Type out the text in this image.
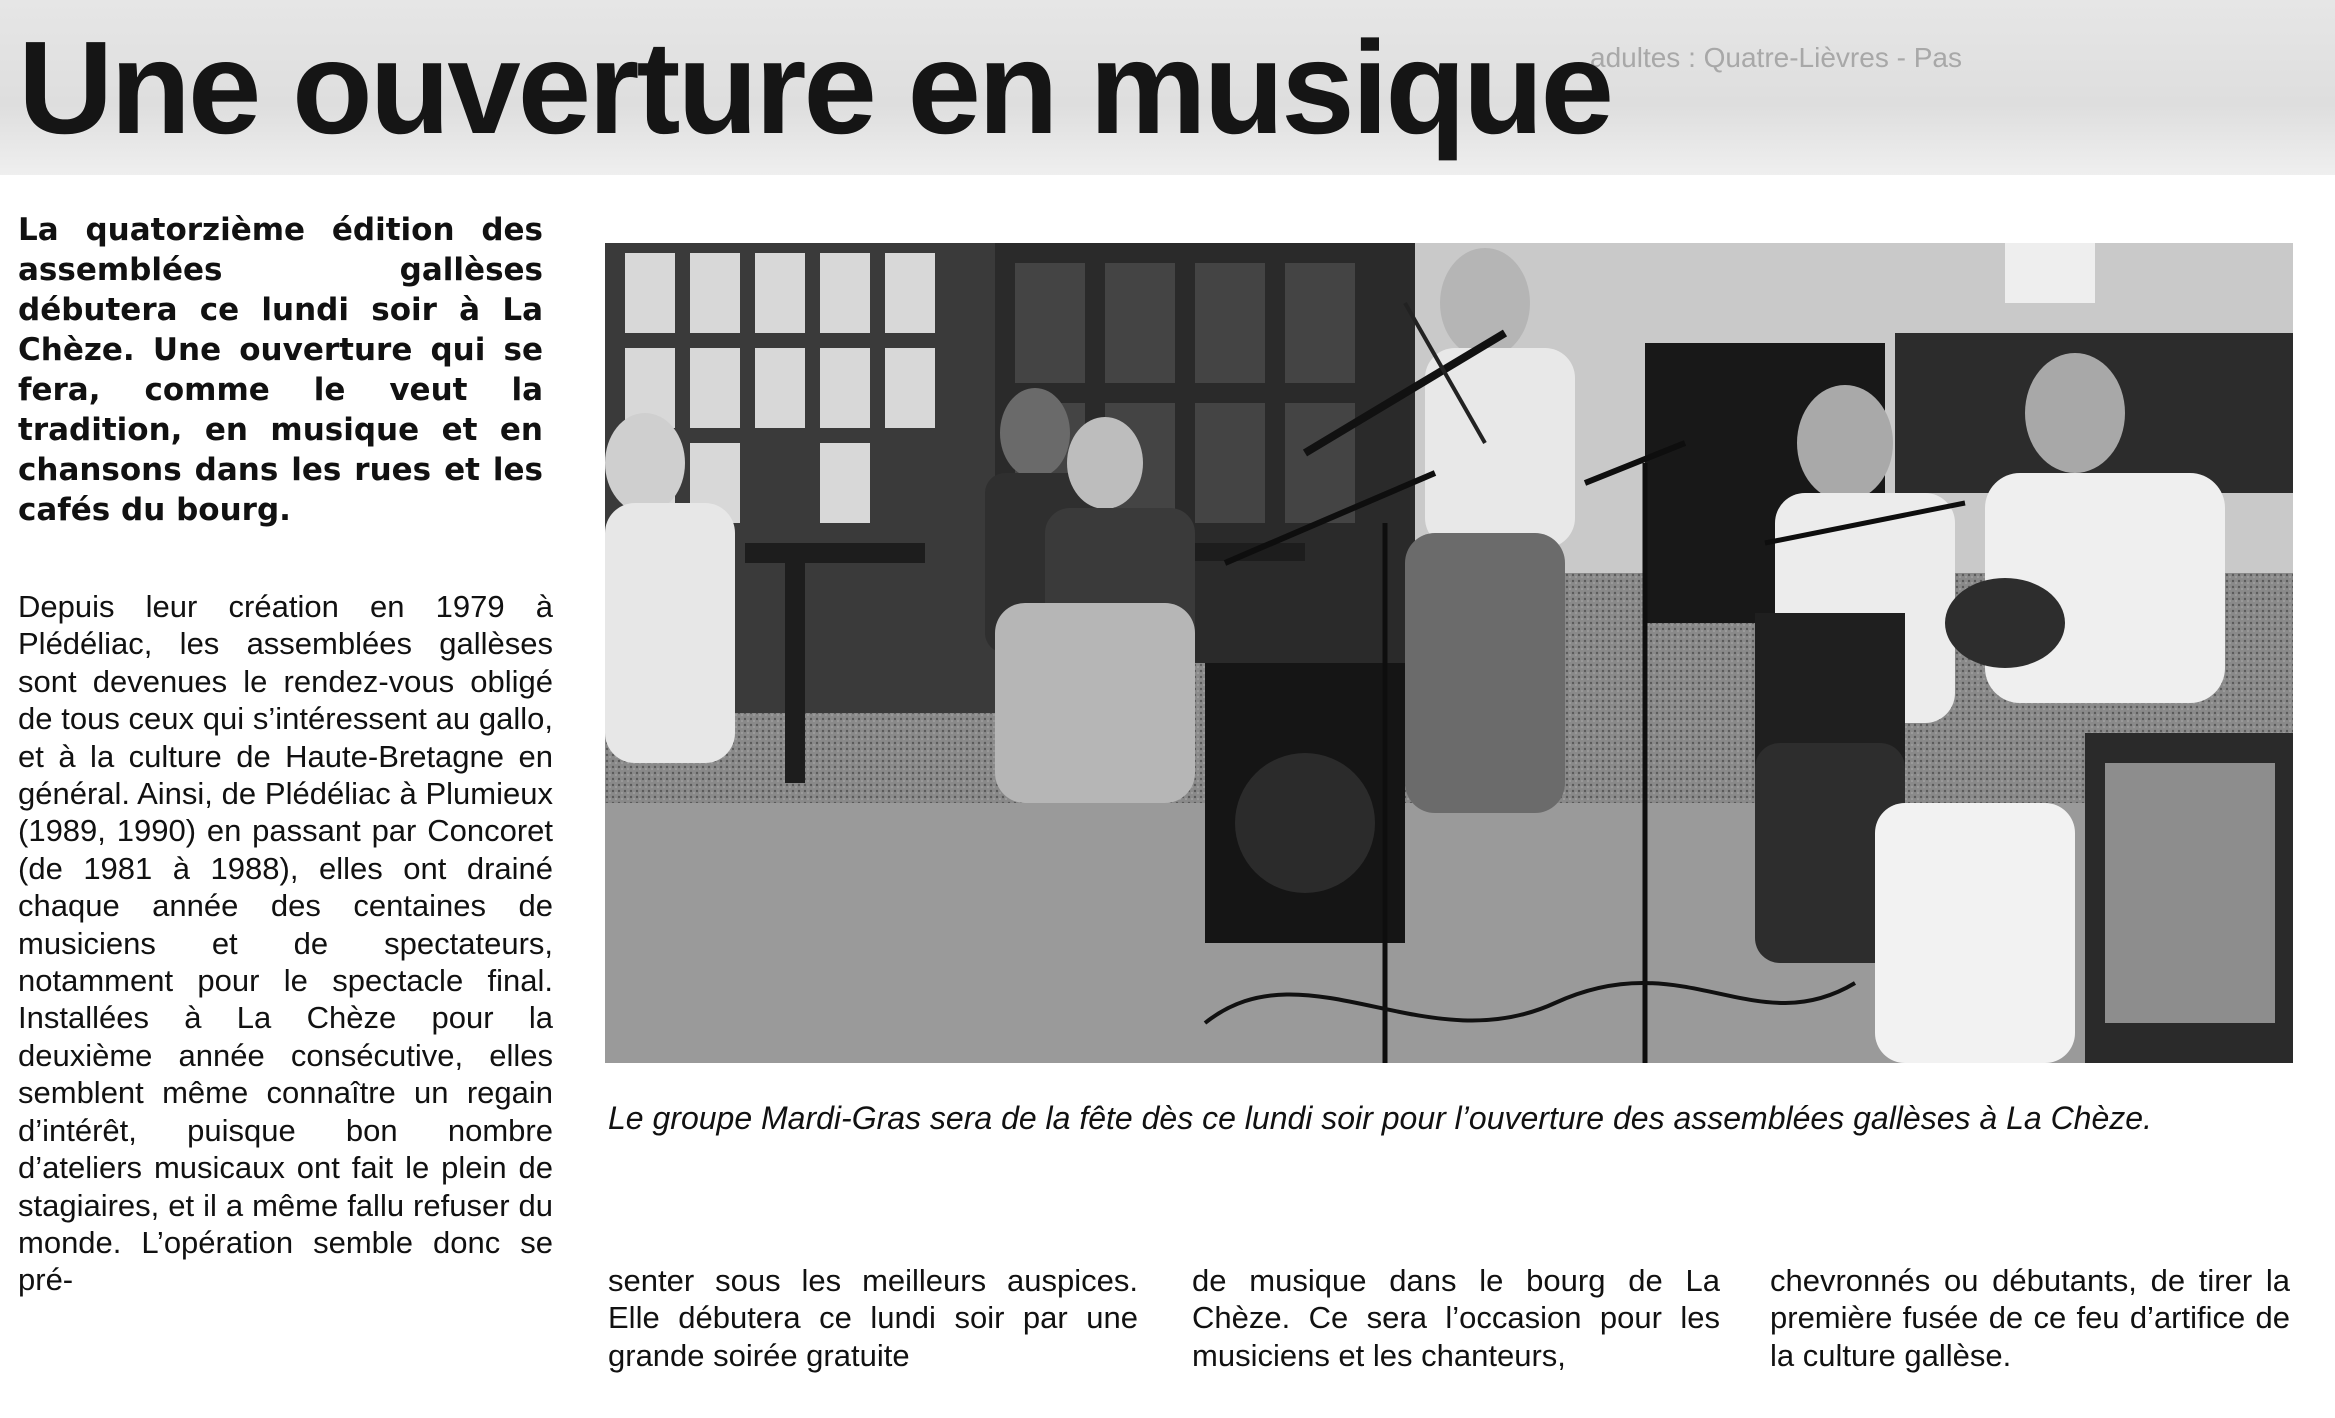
adultes : Quatre-Lièvres - Pas
Une ouverture en musique
La quatorzième édition des assemblées gallèses débutera ce lundi soir à La Chèze. Une ouverture qui se fera, comme le veut la tradition, en musique et en chansons dans les rues et les cafés du bourg.
Depuis leur création en 1979 à Plédéliac, les assemblées gallèses sont devenues le rendez-vous obligé de tous ceux qui s’intéressent au gallo, et à la culture de Haute-Bretagne en général. Ainsi, de Plédéliac à Plumieux (1989, 1990) en passant par Concoret (de 1981 à 1988), elles ont drainé chaque année des centaines de musiciens et de spectateurs, notamment pour le spectacle final. Installées à La Chèze pour la deuxième année consécutive, elles semblent même connaître un regain d’intérêt, puisque bon nombre d’ateliers musicaux ont fait le plein de stagiaires, et il a même fallu refuser du monde. L’opération semble donc se pré-
Le groupe Mardi-Gras sera de la fête dès ce lundi soir pour l’ouverture des assemblées gallèses à La Chèze.
senter sous les meilleurs auspices. Elle débutera ce lundi soir par une grande soirée gratuite
de musique dans le bourg de La Chèze. Ce sera l’occasion pour les musiciens et les chanteurs,
chevronnés ou débutants, de tirer la première fusée de ce feu d’artifice de la culture gallèse.
